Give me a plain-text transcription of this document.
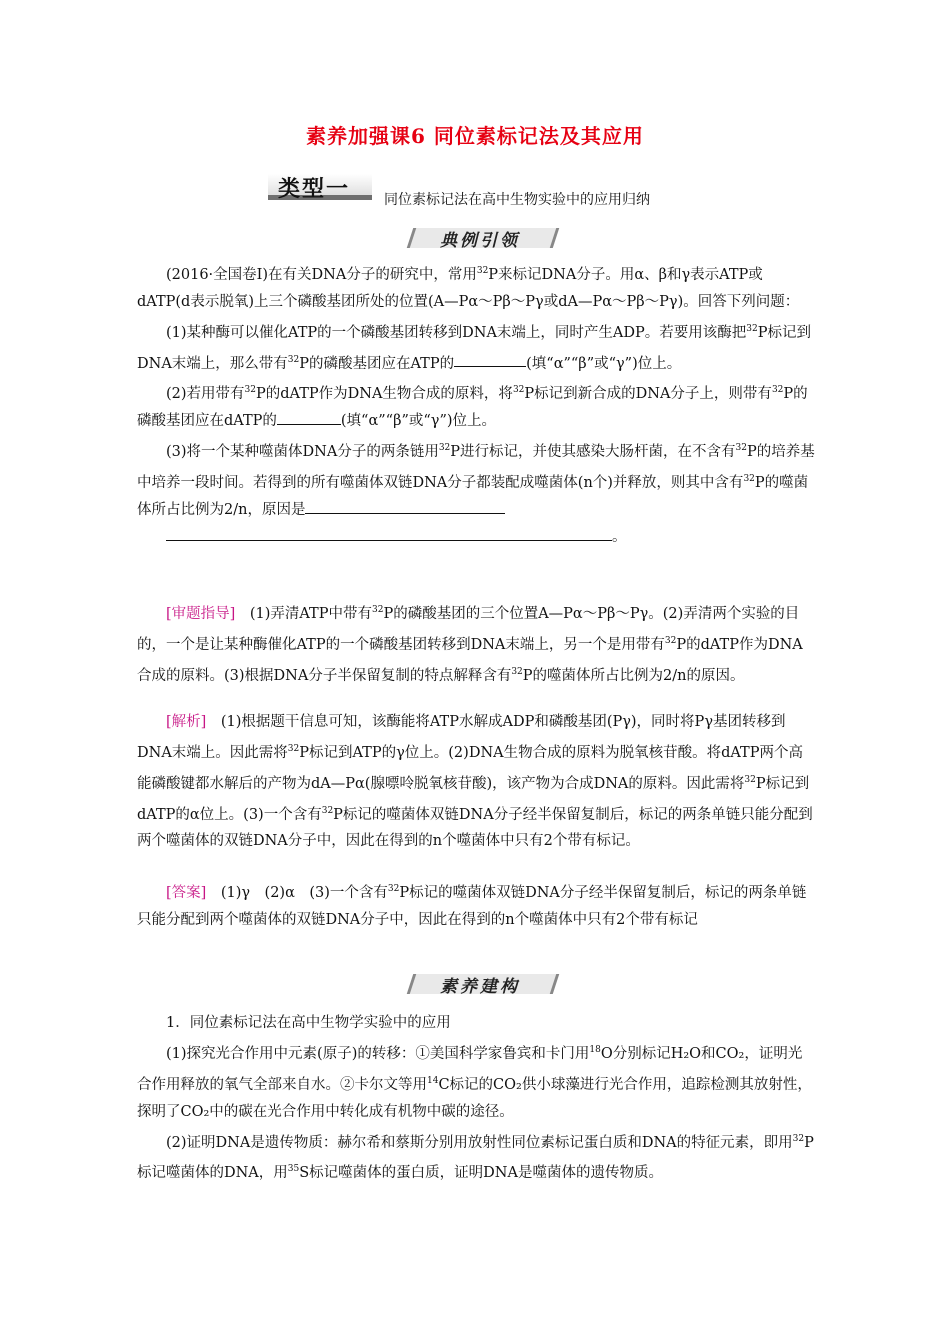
素养加强课6 同位素标记法及其应用
类型一 同位素标记法在高中生物实验中的应用归纳
典例引领

(2016·全国卷Ⅰ)在有关DNA分子的研究中，常用$^{32}$P来标记DNA分子。用α、β和γ表示ATP或dATP(d表示脱氧)上三个磷酸基团所处的位置(A—Pα～Pβ～Pγ或dA—Pα～Pβ～Pγ)。回答下列问题：

(1)某种酶可以催化ATP的一个磷酸基团转移到DNA末端上，同时产生ADP。若要用该酶把$^{32}$P标记到DNA末端上，那么带有$^{32}$P的磷酸基团应在ATP的	(填“α”“β”或“γ”)位上。

(2)若用带有$^{32}$P的dATP作为DNA生物合成的原料，将$^{32}$P标记到新合成的DNA分子上，则带有$^{32}$P的磷酸基团应在dATP的	(填“α”“β”或“γ”)位上。

(3)将一个某种噬菌体DNA分子的两条链用$^{32}$P进行标记，并使其感染大肠杆菌，在不含有$^{32}$P的培养基中培养一段时间。若得到的所有噬菌体双链DNA分子都装配成噬菌体(n个)并释放，则其中含有$^{32}$P的噬菌体所占比例为2/n，原因是
。

[审题指导]　 (1)弄清ATP中带有$^{32}$P的磷酸基团的三个位置A—Pα～Pβ～Pγ。(2)弄清两个实验的目的，一个是让某种酶催化ATP的一个磷酸基团转移到DNA末端上，另一个是用带有$^{32}$P的dATP作为DNA合成的原料。(3)根据DNA分子半保留复制的特点解释含有$^{32}$P的噬菌体所占比例为2/n的原因。

[解析]　 (1)根据题干信息可知，该酶能将ATP水解成ADP和磷酸基团(Pγ)，同时将Pγ基团转移到DNA末端上。因此需将$^{32}$P标记到ATP的γ位上。(2)DNA生物合成的原料为脱氧核苷酸。将dATP两个高能磷酸键都水解后的产物为dA—Pα(腺嘌呤脱氧核苷酸)，该产物为合成DNA的原料。因此需将$^{32}$P标记到dATP的α位上。(3)一个含有$^{32}$P标记的噬菌体双链DNA分子经半保留复制后，标记的两条单链只能分配到两个噬菌体的双链DNA分子中，因此在得到的n个噬菌体中只有2个带有标记。

[答案]　 (1)γ　(2)α　(3)一个含有$^{32}$P标记的噬菌体双链DNA分子经半保留复制后，标记的两条单链只能分配到两个噬菌体的双链DNA分子中，因此在得到的n个噬菌体中只有2个带有标记

素养建构

1．同位素标记法在高中生物学实验中的应用

(1)探究光合作用中元素(原子)的转移：①美国科学家鲁宾和卡门用$^{18}$O分别标记H₂O和CO₂，证明光合作用释放的氧气全部来自水。②卡尔文等用$^{14}$C标记的CO₂供小球藻进行光合作用，追踪检测其放射性，探明了CO₂中的碳在光合作用中转化成有机物中碳的途径。

(2)证明DNA是遗传物质：赫尔希和蔡斯分别用放射性同位素标记蛋白质和DNA的特征元素，即用$^{32}$P标记噬菌体的DNA，用$^{35}$S标记噬菌体的蛋白质，证明DNA是噬菌体的遗传物质。
